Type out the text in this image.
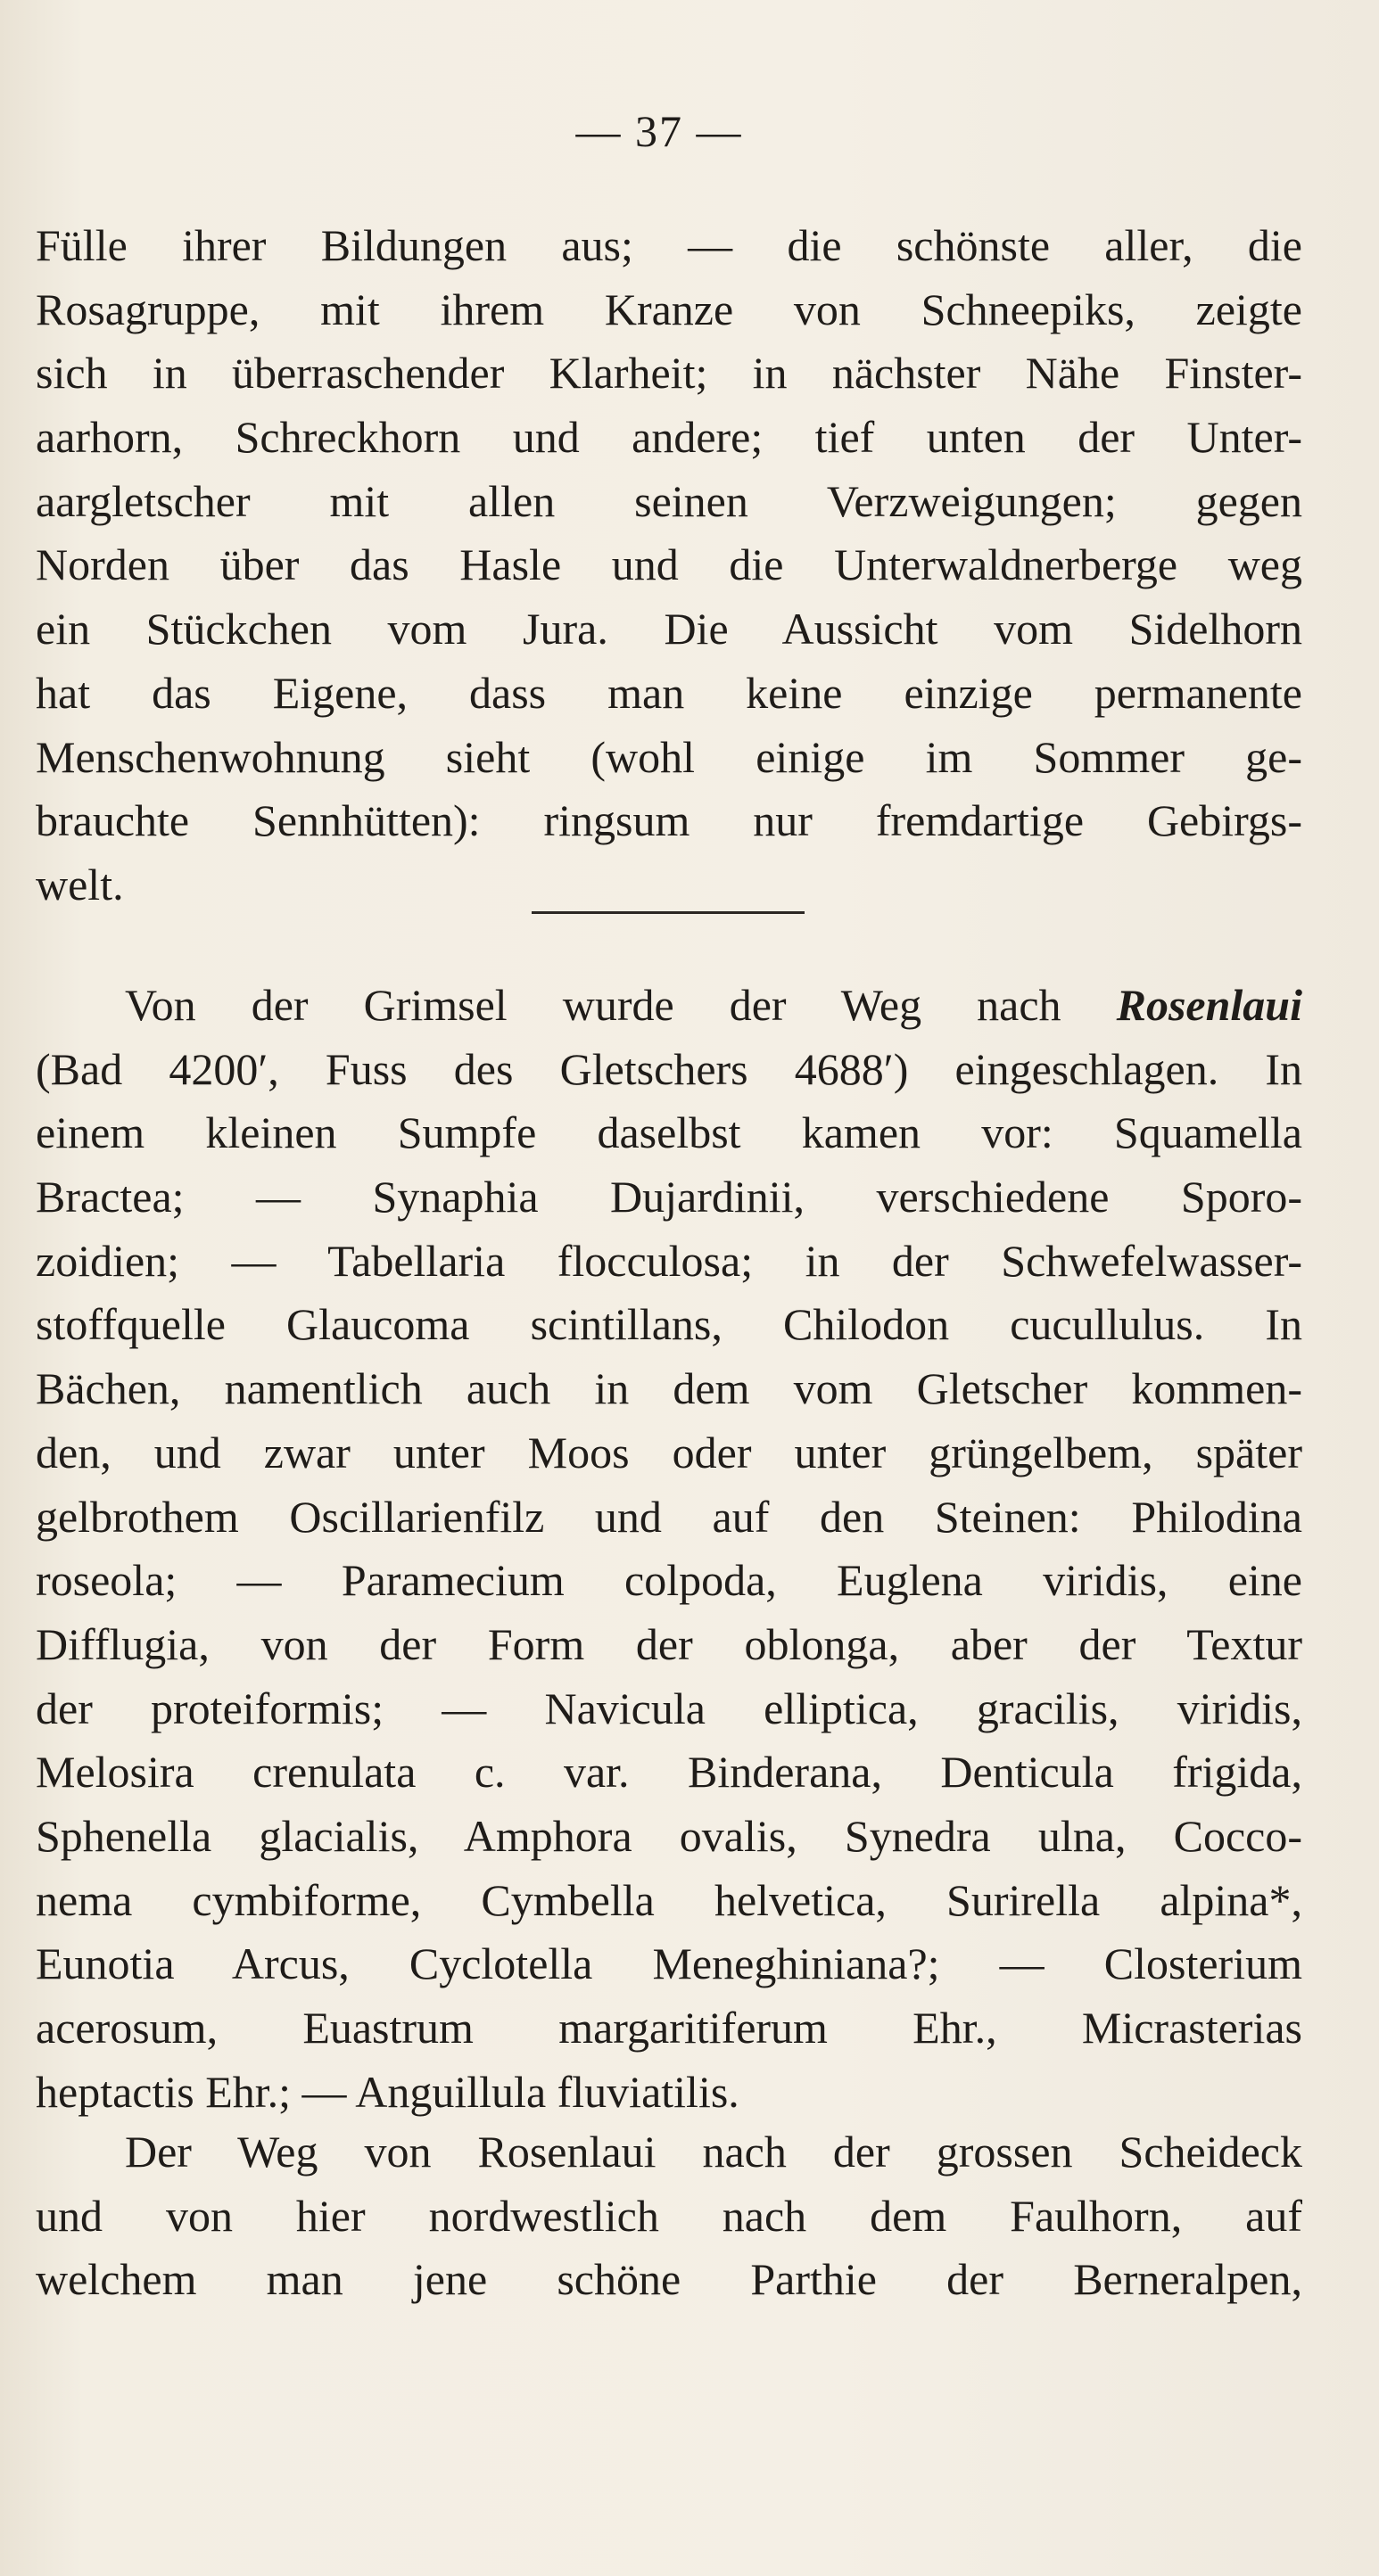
— 37 —
Fülle ihrer Bildungen aus; — die schönste aller, die
Rosagruppe, mit ihrem Kranze von Schneepiks, zeigte
sich in überraschender Klarheit; in nächster Nähe Finster-
aarhorn, Schreckhorn und andere; tief unten der Unter-
aargletscher mit allen seinen Verzweigungen; gegen
Norden über das Hasle und die Unterwaldnerberge weg
ein Stückchen vom Jura. Die Aussicht vom Sidelhorn
hat das Eigene, dass man keine einzige permanente
Menschenwohnung sieht (wohl einige im Sommer ge-
brauchte Sennhütten): ringsum nur fremdartige Gebirgs-
welt.
Von der Grimsel wurde der Weg nach Rosenlaui
(Bad 4200′, Fuss des Gletschers 4688′) eingeschlagen. In
einem kleinen Sumpfe daselbst kamen vor: Squamella
Bractea; — Synaphia Dujardinii, verschiedene Sporo-
zoidien; — Tabellaria flocculosa; in der Schwefelwasser-
stoffquelle Glaucoma scintillans, Chilodon cucullulus. In
Bächen, namentlich auch in dem vom Gletscher kommen-
den, und zwar unter Moos oder unter grüngelbem, später
gelbrothem Oscillarienfilz und auf den Steinen: Philodina
roseola; — Paramecium colpoda, Euglena viridis, eine
Difflugia, von der Form der oblonga, aber der Textur
der proteiformis; — Navicula elliptica, gracilis, viridis,
Melosira crenulata c. var. Binderana, Denticula frigida,
Sphenella glacialis, Amphora ovalis, Synedra ulna, Cocco-
nema cymbiforme, Cymbella helvetica, Surirella alpina*,
Eunotia Arcus, Cyclotella Meneghiniana?; — Closterium
acerosum, Euastrum margaritiferum Ehr., Micrasterias
heptactis Ehr.; — Anguillula fluviatilis.
Der Weg von Rosenlaui nach der grossen Scheideck
und von hier nordwestlich nach dem Faulhorn, auf
welchem man jene schöne Parthie der Berneralpen,
